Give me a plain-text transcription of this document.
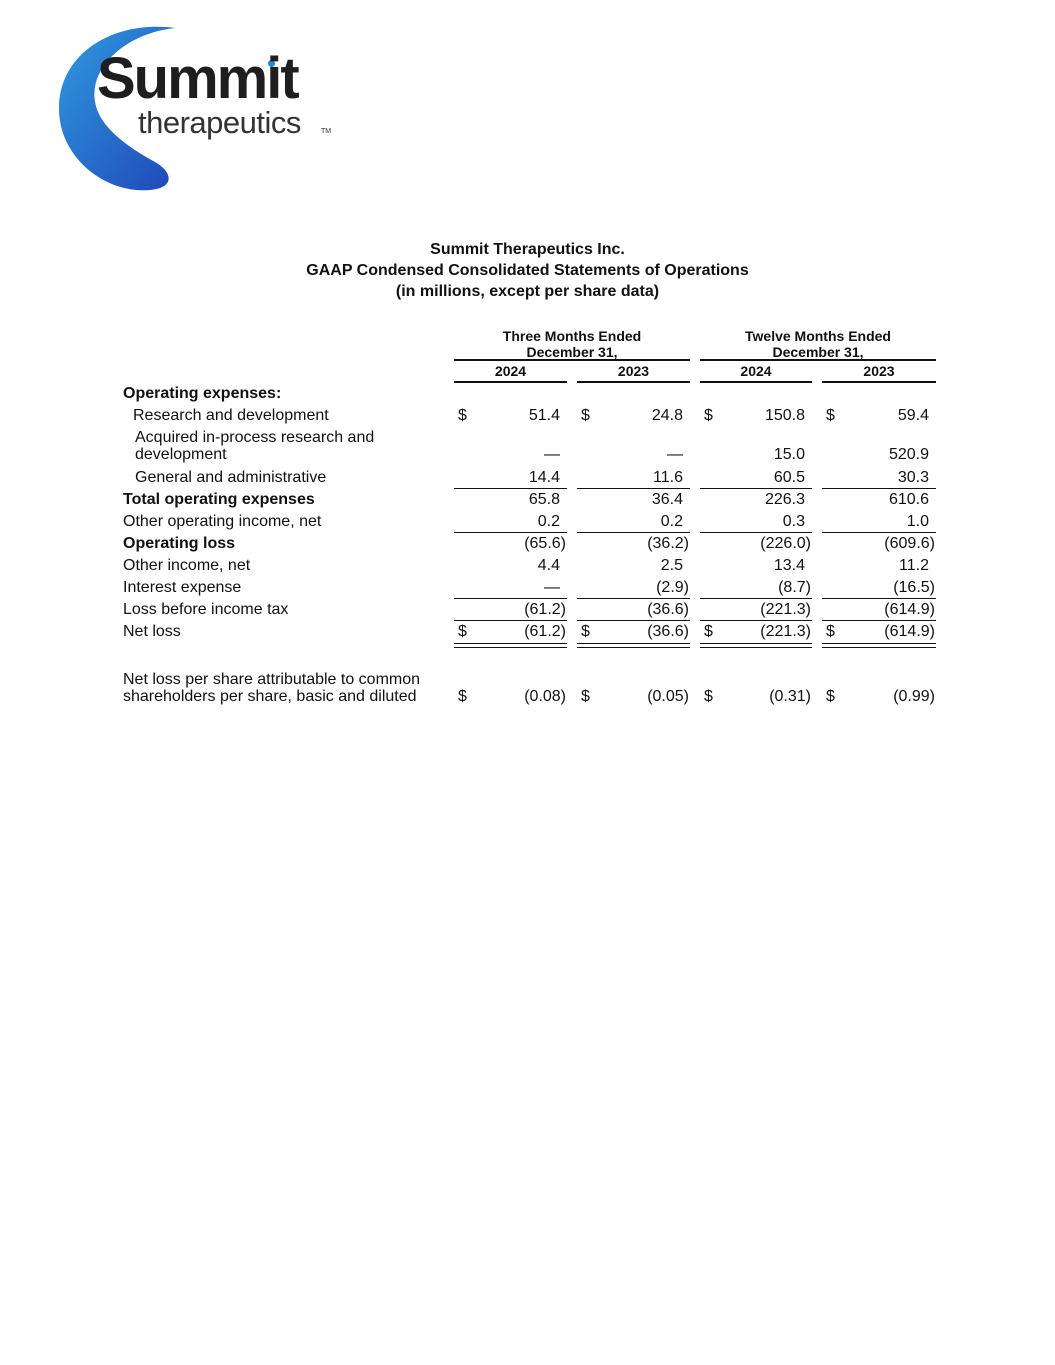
Summit
therapeutics	TM
Summit Therapeutics Inc.
GAAP Condensed Consolidated Statements of Operations
(in millions, except per share data)
Three Months Ended
December 31,
Twelve Months Ended
December 31,
2024	2023	2024	2023
Operating expenses:
Research and development	$	51.4 $	24.8 $	150.8 $	59.4
Acquired in-process research and
development	—	—	15.0	520.9
General and administrative	14.4	11.6	60.5	30.3
Total operating expenses	65.8	36.4	226.3	610.6
Other operating income, net	0.2	0.2	0.3	1.0
Operating loss	(65.6)	(36.2)	(226.0)	(609.6)
Other income, net	4.4	2.5	13.4	11.2
Interest expense	—	(2.9)	(8.7)	(16.5)
Loss before income tax	(61.2)	(36.6)	(221.3)	(614.9)
Net loss	$	(61.2) $	(36.6) $	(221.3) $	(614.9)
Net loss per share attributable to common
shareholders per share, basic and diluted	$	(0.08) $	(0.05) $	(0.31) $	(0.99)
